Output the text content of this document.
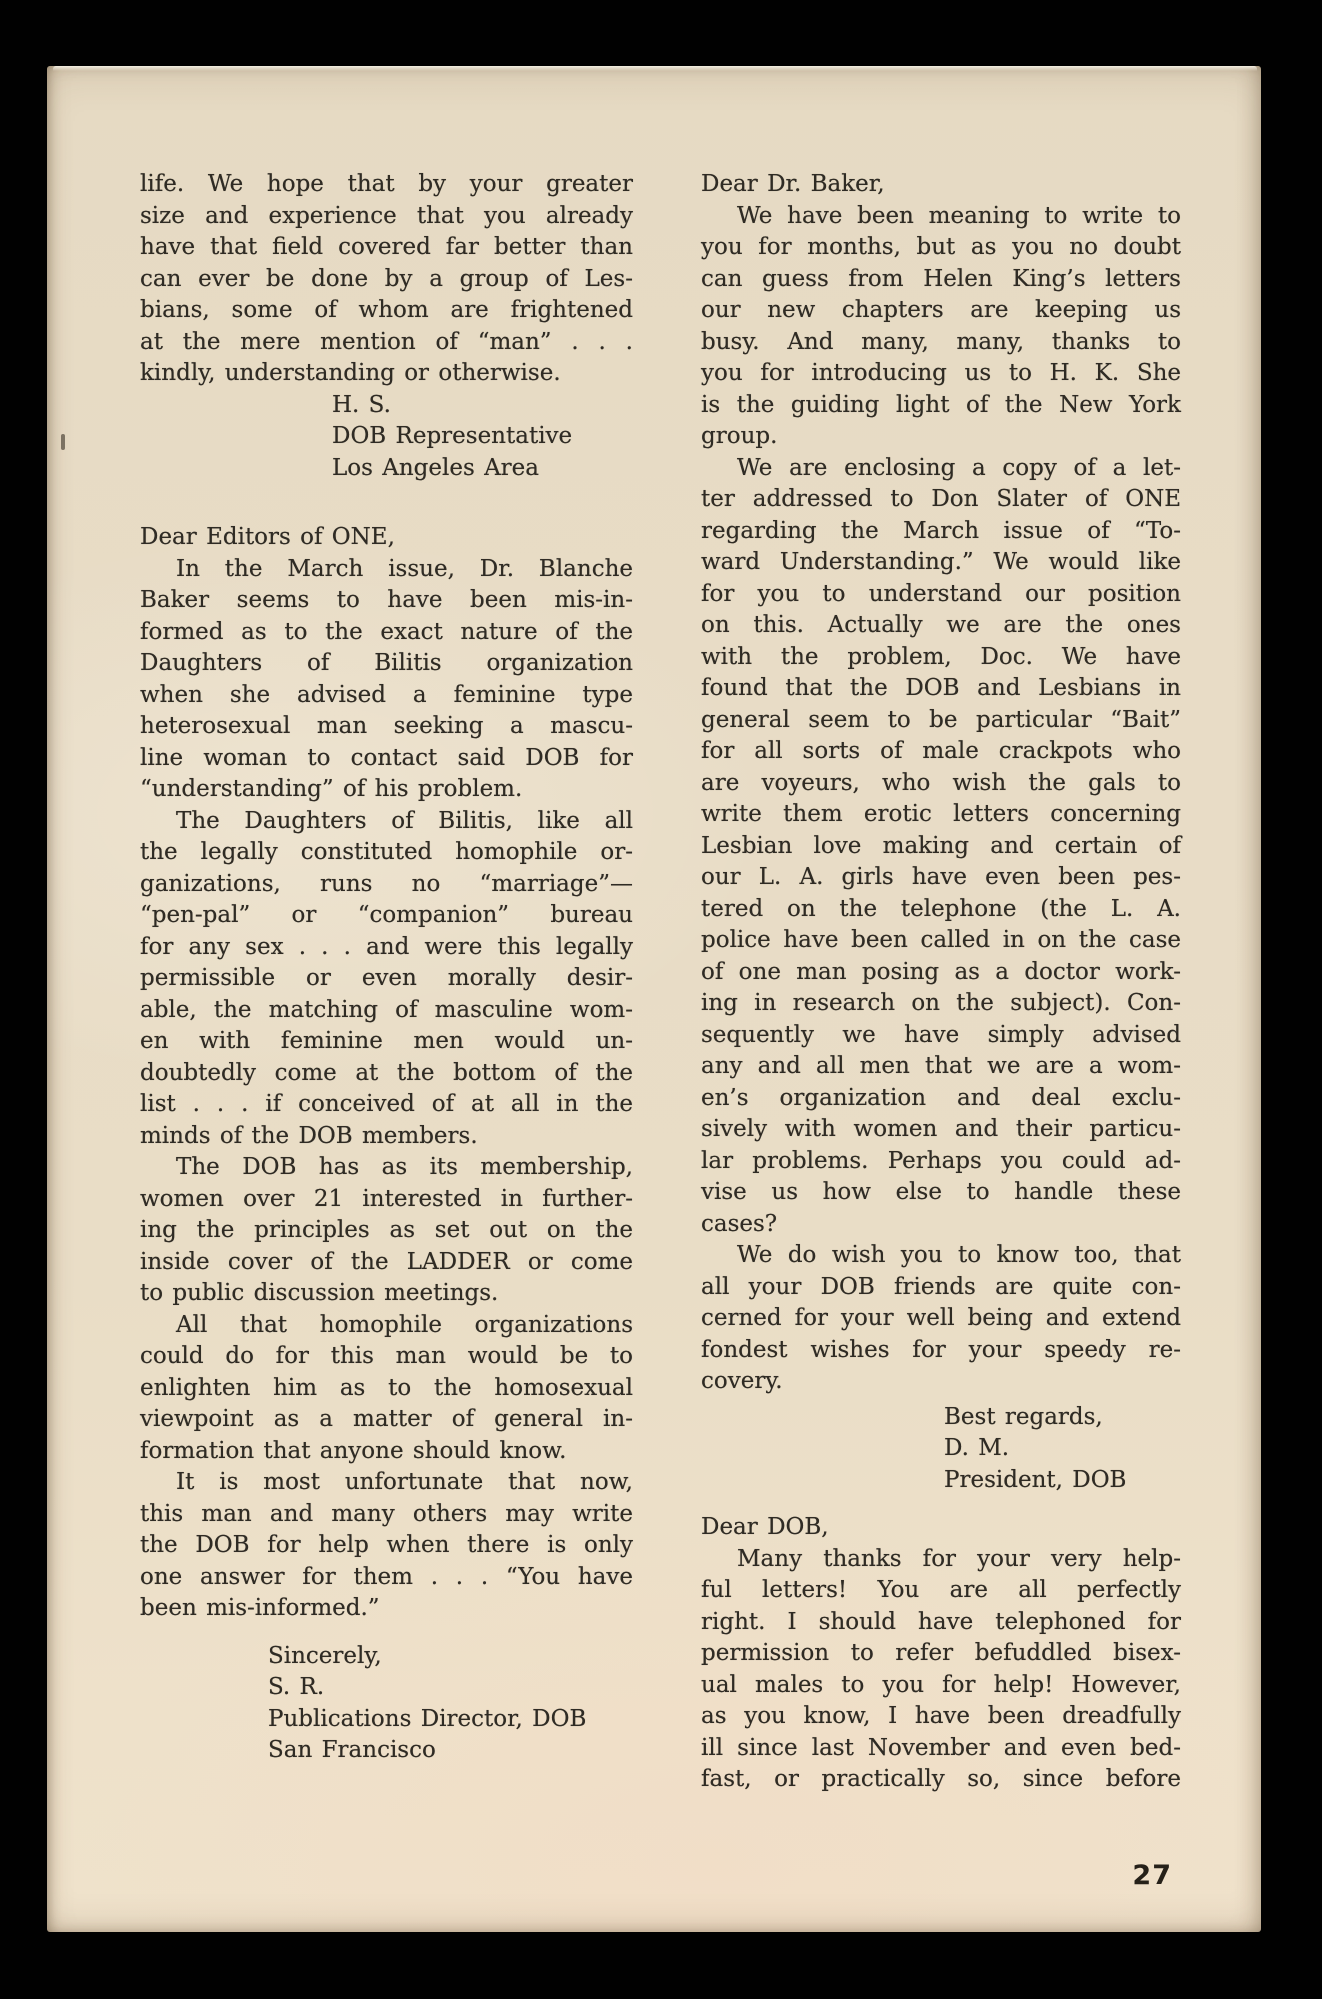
life. We hope that by your greater
size and experience that you already
have that field covered far better than
can ever be done by a group of Les-
bians, some of whom are frightened
at the mere mention of “man” . . .
kindly, understanding or otherwise.
H. S.
DOB Representative
Los Angeles Area
Dear Editors of ONE,
In the March issue, Dr. Blanche
Baker seems to have been mis-in-
formed as to the exact nature of the
Daughters of Bilitis organization
when she advised a feminine type
heterosexual man seeking a mascu-
line woman to contact said DOB for
“understanding” of his problem.
The Daughters of Bilitis, like all
the legally constituted homophile or-
ganizations, runs no “marriage”—
“pen-pal” or “companion” bureau
for any sex . . . and were this legally
permissible or even morally desir-
able, the matching of masculine wom-
en with feminine men would un-
doubtedly come at the bottom of the
list . . . if conceived of at all in the
minds of the DOB members.
The DOB has as its membership,
women over 21 interested in further-
ing the principles as set out on the
inside cover of the LADDER or come
to public discussion meetings.
All that homophile organizations
could do for this man would be to
enlighten him as to the homosexual
viewpoint as a matter of general in-
formation that anyone should know.
It is most unfortunate that now,
this man and many others may write
the DOB for help when there is only
one answer for them . . . “You have
been mis-informed.”
Sincerely,
S. R.
Publications Director, DOB
San Francisco
Dear Dr. Baker,
We have been meaning to write to
you for months, but as you no doubt
can guess from Helen King’s letters
our new chapters are keeping us
busy. And many, many, thanks to
you for introducing us to H. K. She
is the guiding light of the New York
group.
We are enclosing a copy of a let-
ter addressed to Don Slater of ONE
regarding the March issue of “To-
ward Understanding.” We would like
for you to understand our position
on this. Actually we are the ones
with the problem, Doc. We have
found that the DOB and Lesbians in
general seem to be particular “Bait”
for all sorts of male crackpots who
are voyeurs, who wish the gals to
write them erotic letters concerning
Lesbian love making and certain of
our L. A. girls have even been pes-
tered on the telephone (the L. A.
police have been called in on the case
of one man posing as a doctor work-
ing in research on the subject). Con-
sequently we have simply advised
any and all men that we are a wom-
en’s organization and deal exclu-
sively with women and their particu-
lar problems. Perhaps you could ad-
vise us how else to handle these
cases?
We do wish you to know too, that
all your DOB friends are quite con-
cerned for your well being and extend
fondest wishes for your speedy re-
covery.
Best regards,
D. M.
President, DOB
Dear DOB,
Many thanks for your very help-
ful letters! You are all perfectly
right. I should have telephoned for
permission to refer befuddled bisex-
ual males to you for help! However,
as you know, I have been dreadfully
ill since last November and even bed-
fast, or practically so, since before
27
